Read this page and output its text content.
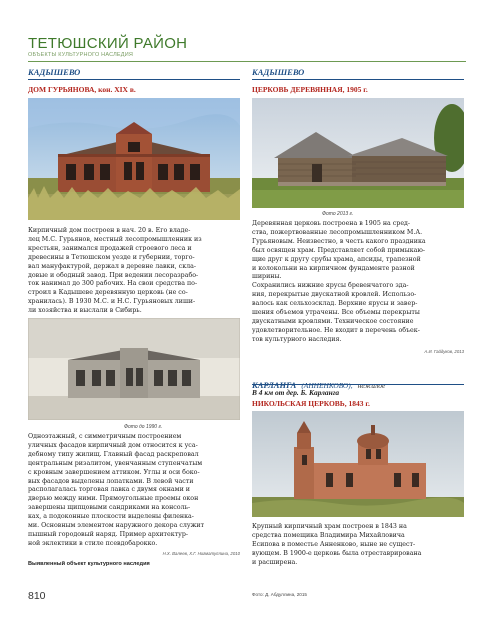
ТЕТЮШСКИЙ РАЙОН
ОБЪЕКТЫ КУЛЬТУРНОГО НАСЛЕДИЯ
КАДЫШЕВО
ДОМ ГУРЬЯНОВА, кон. XIX в.

Кирпичный дом построен в нач. 20 в. Его владе-
лец М.С. Гурьянов, местный лесопромышленник из
крестьян, занимался продажей строевого леса и
древесины в Тетюшском уезде и губернии, торго-
вал мануфактурой, держал в деревне лавки, скла-
довые и ободный завод. При ведении лесоразрабо-
ток нанимал до 300 рабочих. На свои средства по-
строил в Кадышеве деревянную церковь (не со-
хранилась). В 1930 М.С. и Н.С. Гурьяновых лиши-
ли хозяйства и выслали в Сибирь.

Фото до 1990 г.

Одноэтажный, с симметричным построением
уличных фасадов кирпичный дом относится к уса-
дебному типу жилищ. Главный фасад раскреповал
центральным ризалитом, увенчанным ступенчатым
с кровным завершением аттиком. Углы и оси боко-
вых фасадов выделены лопатками. В левой части
располагалась торговая лавка с двумя окнами и
дверью между ними. Прямоугольные проемы окон
завершены щипцовыми сандриками на консоль-
ках, а подоконные плоскости выделены филенка-
ми. Основным элементом наружного декора служит
пышный городовый наряд. Пример архитектур-
ной эклектики в стиле псевдобарокко.

Н.Х. Валеев, Х.Г. Нигматуллина, 2010
Выявленный объект культурного наследия
810
КАДЫШЕВО
ЦЕРКОВЬ ДЕРЕВЯННАЯ, 1905 г.
Фото 2013 г.

Деревянная церковь построена в 1905 на сред-
ства, пожертвованные лесопромышленником М.А.
Гурьяновым. Неизвестно, в честь какого праздника
был освящен храм. Представляет собой примыкаю-
щие друг к другу срубы храма, апсиды, трапезной
и колокольни на кирпичном фундаменте разной
ширины.
Сохранились нижние ярусы бревенчатого зда-
ния, перекрытые двускатной кровлей. Использо-
валось как сельхозсклад. Верхние ярусы и завер-
шения объемов утрачены. Все объемы перекрыты
двускатными кровлями. Техническое состояние
удовлетворительное. Не входит в перечень объек-
тов культурного наследия.

А.И. Гайдуков, 2013
КАРЛАНГА (АННЕНКОВО), нежилое
В 4 км от дер. Б. Карланга
НИКОЛЬСКАЯ ЦЕРКОВЬ, 1843 г.

Крупный кирпичный храм построен в 1843 на
средства помещика Владимира Михайловича
Есипова в поместье Анненково, ныне не сущест-
вующем. В 1900-е церковь была отреставрирована
и расширена.

Фото: Д. Абдуллина, 2015
